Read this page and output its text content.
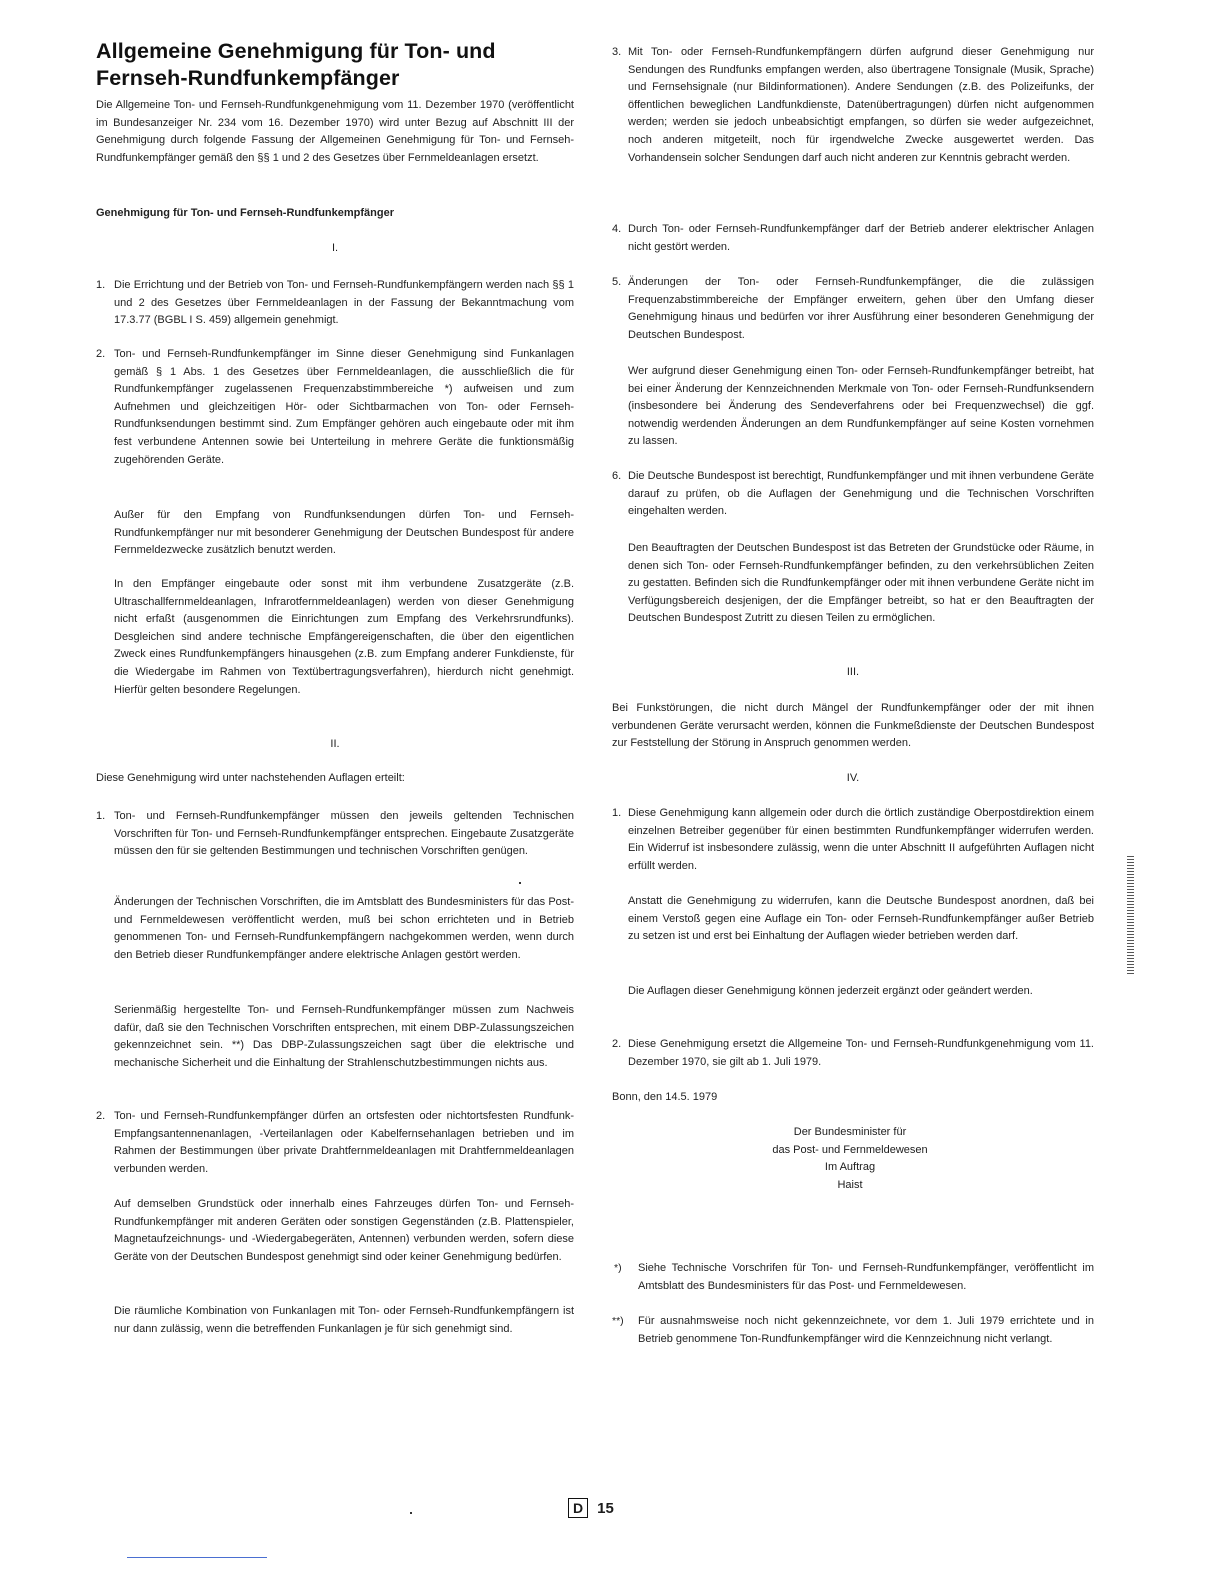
Allgemeine Genehmigung für Ton- und Fernseh-Rundfunkempfänger

Die Allgemeine Ton- und Fernseh-Rundfunkgenehmigung vom 11. Dezember 1970 (veröffentlicht im Bundesanzeiger Nr. 234 vom 16. Dezember 1970) wird unter Bezug auf Abschnitt III der Genehmigung durch folgende Fassung der Allgemeinen Genehmigung für Ton- und Fernseh-Rundfunkempfänger gemäß den §§ 1 und 2 des Gesetzes über Fernmeldeanlagen ersetzt.

Genehmigung für Ton- und Fernseh-Rundfunkempfänger

I.

1. Die Errichtung und der Betrieb von Ton- und Fernseh-Rundfunkempfängern werden nach §§ 1 und 2 des Gesetzes über Fernmeldeanlagen in der Fassung der Bekanntmachung vom 17.3.77 (BGBL I S. 459) allgemein genehmigt.

2. Ton- und Fernseh-Rundfunkempfänger im Sinne dieser Genehmigung sind Funkanlagen gemäß § 1 Abs. 1 des Gesetzes über Fernmeldeanlagen, die ausschließlich die für Rundfunkempfänger zugelassenen Frequenzabstimmbereiche *) aufweisen und zum Aufnehmen und gleichzeitigen Hör- oder Sichtbarmachen von Ton- oder Fernseh-Rundfunksendungen bestimmt sind. Zum Empfänger gehören auch eingebaute oder mit ihm fest verbundene Antennen sowie bei Unterteilung in mehrere Geräte die funktionsmäßig zugehörenden Geräte.

Außer für den Empfang von Rundfunksendungen dürfen Ton- und Fernseh-Rundfunkempfänger nur mit besonderer Genehmigung der Deutschen Bundespost für andere Fernmeldezwecke zusätzlich benutzt werden.

In den Empfänger eingebaute oder sonst mit ihm verbundene Zusatzgeräte (z.B. Ultraschallfernmeldeanlagen, Infrarotfernmeldeanlagen) werden von dieser Genehmigung nicht erfaßt (ausgenommen die Einrichtungen zum Empfang des Verkehrsrundfunks). Desgleichen sind andere technische Empfängereigenschaften, die über den eigentlichen Zweck eines Rundfunkempfängers hinausgehen (z.B. zum Empfang anderer Funkdienste, für die Wiedergabe im Rahmen von Textübertragungsverfahren), hierdurch nicht genehmigt. Hierfür gelten besondere Regelungen.

II.

Diese Genehmigung wird unter nachstehenden Auflagen erteilt:

1. Ton- und Fernseh-Rundfunkempfänger müssen den jeweils geltenden Technischen Vorschriften für Ton- und Fernseh-Rundfunkempfänger entsprechen. Eingebaute Zusatzgeräte müssen den für sie geltenden Bestimmungen und technischen Vorschriften genügen.

Änderungen der Technischen Vorschriften, die im Amtsblatt des Bundesministers für das Post- und Fernmeldewesen veröffentlicht werden, muß bei schon errichteten und in Betrieb genommenen Ton- und Fernseh-Rundfunkempfängern nachgekommen werden, wenn durch den Betrieb dieser Rundfunkempfänger andere elektrische Anlagen gestört werden.

Serienmäßig hergestellte Ton- und Fernseh-Rundfunkempfänger müssen zum Nachweis dafür, daß sie den Technischen Vorschriften entsprechen, mit einem DBP-Zulassungszeichen gekennzeichnet sein. **) Das DBP-Zulassungszeichen sagt über die elektrische und mechanische Sicherheit und die Einhaltung der Strahlenschutzbestimmungen nichts aus.

2. Ton- und Fernseh-Rundfunkempfänger dürfen an ortsfesten oder nichtortsfesten Rundfunk-Empfangsantennenanlagen, -Verteilanlagen oder Kabelfernsehanlagen betrieben und im Rahmen der Bestimmungen über private Drahtfernmeldeanlagen mit Drahtfernmeldeanlagen verbunden werden.

Auf demselben Grundstück oder innerhalb eines Fahrzeuges dürfen Ton- und Fernseh-Rundfunkempfänger mit anderen Geräten oder sonstigen Gegenständen (z.B. Plattenspieler, Magnetaufzeichnungs- und -Wiedergabegeräten, Antennen) verbunden werden, sofern diese Geräte von der Deutschen Bundespost genehmigt sind oder keiner Genehmigung bedürfen.

Die räumliche Kombination von Funkanlagen mit Ton- oder Fernseh-Rundfunkempfängern ist nur dann zulässig, wenn die betreffenden Funkanlagen je für sich genehmigt sind.

3. Mit Ton- oder Fernseh-Rundfunkempfängern dürfen aufgrund dieser Genehmigung nur Sendungen des Rundfunks empfangen werden, also übertragene Tonsignale (Musik, Sprache) und Fernsehsignale (nur Bildinformationen). Andere Sendungen (z.B. des Polizeifunks, der öffentlichen beweglichen Landfunkdienste, Datenübertragungen) dürfen nicht aufgenommen werden; werden sie jedoch unbeabsichtigt empfangen, so dürfen sie weder aufgezeichnet, noch anderen mitgeteilt, noch für irgendwelche Zwecke ausgewertet werden. Das Vorhandensein solcher Sendungen darf auch nicht anderen zur Kenntnis gebracht werden.

4. Durch Ton- oder Fernseh-Rundfunkempfänger darf der Betrieb anderer elektrischer Anlagen nicht gestört werden.

5. Änderungen der Ton- oder Fernseh-Rundfunkempfänger, die die zulässigen Frequenzabstimmbereiche der Empfänger erweitern, gehen über den Umfang dieser Genehmigung hinaus und bedürfen vor ihrer Ausführung einer besonderen Genehmigung der Deutschen Bundespost.

Wer aufgrund dieser Genehmigung einen Ton- oder Fernseh-Rundfunkempfänger betreibt, hat bei einer Änderung der Kennzeichnenden Merkmale von Ton- oder Fernseh-Rundfunksendern (insbesondere bei Änderung des Sendeverfahrens oder bei Frequenzwechsel) die ggf. notwendig werdenden Änderungen an dem Rundfunkempfänger auf seine Kosten vornehmen zu lassen.

6. Die Deutsche Bundespost ist berechtigt, Rundfunkempfänger und mit ihnen verbundene Geräte darauf zu prüfen, ob die Auflagen der Genehmigung und die Technischen Vorschriften eingehalten werden.

Den Beauftragten der Deutschen Bundespost ist das Betreten der Grundstücke oder Räume, in denen sich Ton- oder Fernseh-Rundfunkempfänger befinden, zu den verkehrsüblichen Zeiten zu gestatten. Befinden sich die Rundfunkempfänger oder mit ihnen verbundene Geräte nicht im Verfügungsbereich desjenigen, der die Empfänger betreibt, so hat er den Beauftragten der Deutschen Bundespost Zutritt zu diesen Teilen zu ermöglichen.

III.

Bei Funkstörungen, die nicht durch Mängel der Rundfunkempfänger oder der mit ihnen verbundenen Geräte verursacht werden, können die Funkmeßdienste der Deutschen Bundespost zur Feststellung der Störung in Anspruch genommen werden.

IV.

1. Diese Genehmigung kann allgemein oder durch die örtlich zuständige Oberpostdirektion einem einzelnen Betreiber gegenüber für einen bestimmten Rundfunkempfänger widerrufen werden. Ein Widerruf ist insbesondere zulässig, wenn die unter Abschnitt II aufgeführten Auflagen nicht erfüllt werden.

Anstatt die Genehmigung zu widerrufen, kann die Deutsche Bundespost anordnen, daß bei einem Verstoß gegen eine Auflage ein Ton- oder Fernseh-Rundfunkempfänger außer Betrieb zu setzen ist und erst bei Einhaltung der Auflagen wieder betrieben werden darf.

Die Auflagen dieser Genehmigung können jederzeit ergänzt oder geändert werden.

2. Diese Genehmigung ersetzt die Allgemeine Ton- und Fernseh-Rundfunkgenehmigung vom 11. Dezember 1970, sie gilt ab 1. Juli 1979.

Bonn, den 14.5. 1979

Der Bundesminister für

das Post- und Fernmeldewesen

Im Auftrag

Haist

*) Siehe Technische Vorschrifen für Ton- und Fernseh-Rundfunkempfänger, veröffentlicht im Amtsblatt des Bundesministers für das Post- und Fernmeldewesen.

**) Für ausnahmsweise noch nicht gekennzeichnete, vor dem 1. Juli 1979 errichtete und in Betrieb genommene Ton-Rundfunkempfänger wird die Kennzeichnung nicht verlangt.

D 15
